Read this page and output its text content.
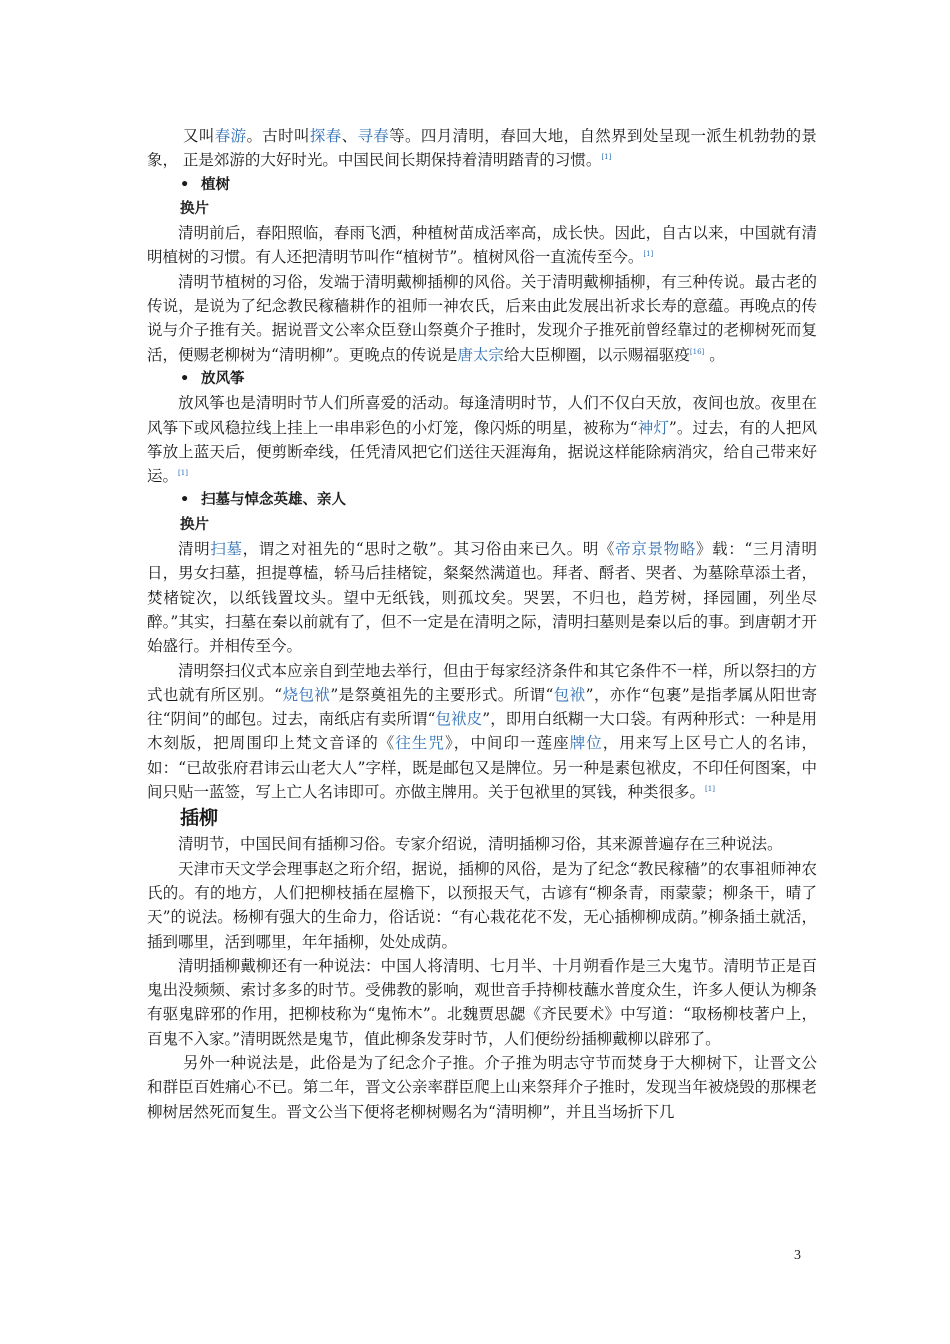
又叫春游。古时叫探春、寻春等。四月清明，春回大地，自然界到处呈现一派生机勃勃的景象， 正是郊游的大好时光。中国民间长期保持着清明踏青的习惯。[1]

• 植树
换片

清明前后，春阳照临，春雨飞洒，种植树苗成活率高，成长快。因此，自古以来，中国就有清明植树的习惯。有人还把清明节叫作“植树节”。植树风俗一直流传至今。[1]

清明节植树的习俗，发端于清明戴柳插柳的风俗。关于清明戴柳插柳，有三种传说。最古老的传说，是说为了纪念教民稼穑耕作的祖师一神农氏，后来由此发展出祈求长寿的意蕴。再晚点的传说与介子推有关。据说晋文公率众臣登山祭奠介子推时，发现介子推死前曾经靠过的老柳树死而复活，便赐老柳树为“清明柳”。更晚点的传说是唐太宗给大臣柳圈，以示赐福驱疫[16] 。

• 放风筝

放风筝也是清明时节人们所喜爱的活动。每逢清明时节，人们不仅白天放，夜间也放。夜里在风筝下或风稳拉线上挂上一串串彩色的小灯笼，像闪烁的明星，被称为“神灯”。过去，有的人把风筝放上蓝天后，便剪断牵线，任凭清风把它们送往天涯海角，据说这样能除病消灾，给自己带来好运。[1]

• 扫墓与悼念英雄、亲人
换片

清明扫墓，谓之对祖先的“思时之敬”。其习俗由来已久。明《帝京景物略》载：“三月清明日，男女扫墓，担提尊榼，轿马后挂楮锭，粲粲然满道也。拜者、酹者、哭者、为墓除草添土者，焚楮锭次，以纸钱置坟头。望中无纸钱，则孤坟矣。哭罢，不归也，趋芳树，择园圃，列坐尽醉。”其实，扫墓在秦以前就有了，但不一定是在清明之际，清明扫墓则是秦以后的事。到唐朝才开始盛行。并相传至今。

清明祭扫仪式本应亲自到茔地去举行，但由于每家经济条件和其它条件不一样，所以祭扫的方式也就有所区别。“烧包袱”是祭奠祖先的主要形式。所谓“包袱”，亦作“包裹”是指孝属从阳世寄往“阴间”的邮包。过去，南纸店有卖所谓“包袱皮”，即用白纸糊一大口袋。有两种形式：一种是用木刻版，把周围印上梵文音译的《往生咒》，中间印一莲座牌位，用来写上区号亡人的名讳，如：“已故张府君讳云山老大人”字样，既是邮包又是牌位。另一种是素包袱皮，不印任何图案，中间只贴一蓝签，写上亡人名讳即可。亦做主牌用。关于包袱里的冥钱，种类很多。[1]

插柳

清明节，中国民间有插柳习俗。专家介绍说，清明插柳习俗，其来源普遍存在三种说法。

天津市天文学会理事赵之珩介绍，据说，插柳的风俗，是为了纪念“教民稼穑”的农事祖师神农氏的。有的地方，人们把柳枝插在屋檐下，以预报天气，古谚有“柳条青，雨蒙蒙；柳条干，晴了天”的说法。杨柳有强大的生命力，俗话说：“有心栽花花不发，无心插柳柳成荫。”柳条插土就活，插到哪里，活到哪里，年年插柳，处处成荫。

清明插柳戴柳还有一种说法：中国人将清明、七月半、十月朔看作是三大鬼节。清明节正是百鬼出没频频、索讨多多的时节。受佛教的影响，观世音手持柳枝蘸水普度众生，许多人便认为柳条有驱鬼辟邪的作用，把柳枝称为“鬼怖木”。北魏贾思勰《齐民要术》中写道：“取杨柳枝著户上，百鬼不入家。”清明既然是鬼节，值此柳条发芽时节，人们便纷纷插柳戴柳以辟邪了。

另外一种说法是，此俗是为了纪念介子推。介子推为明志守节而焚身于大柳树下，让晋文公和群臣百姓痛心不已。第二年，晋文公亲率群臣爬上山来祭拜介子推时，发现当年被烧毁的那棵老柳树居然死而复生。晋文公当下便将老柳树赐名为“清明柳”，并且当场折下几

3
